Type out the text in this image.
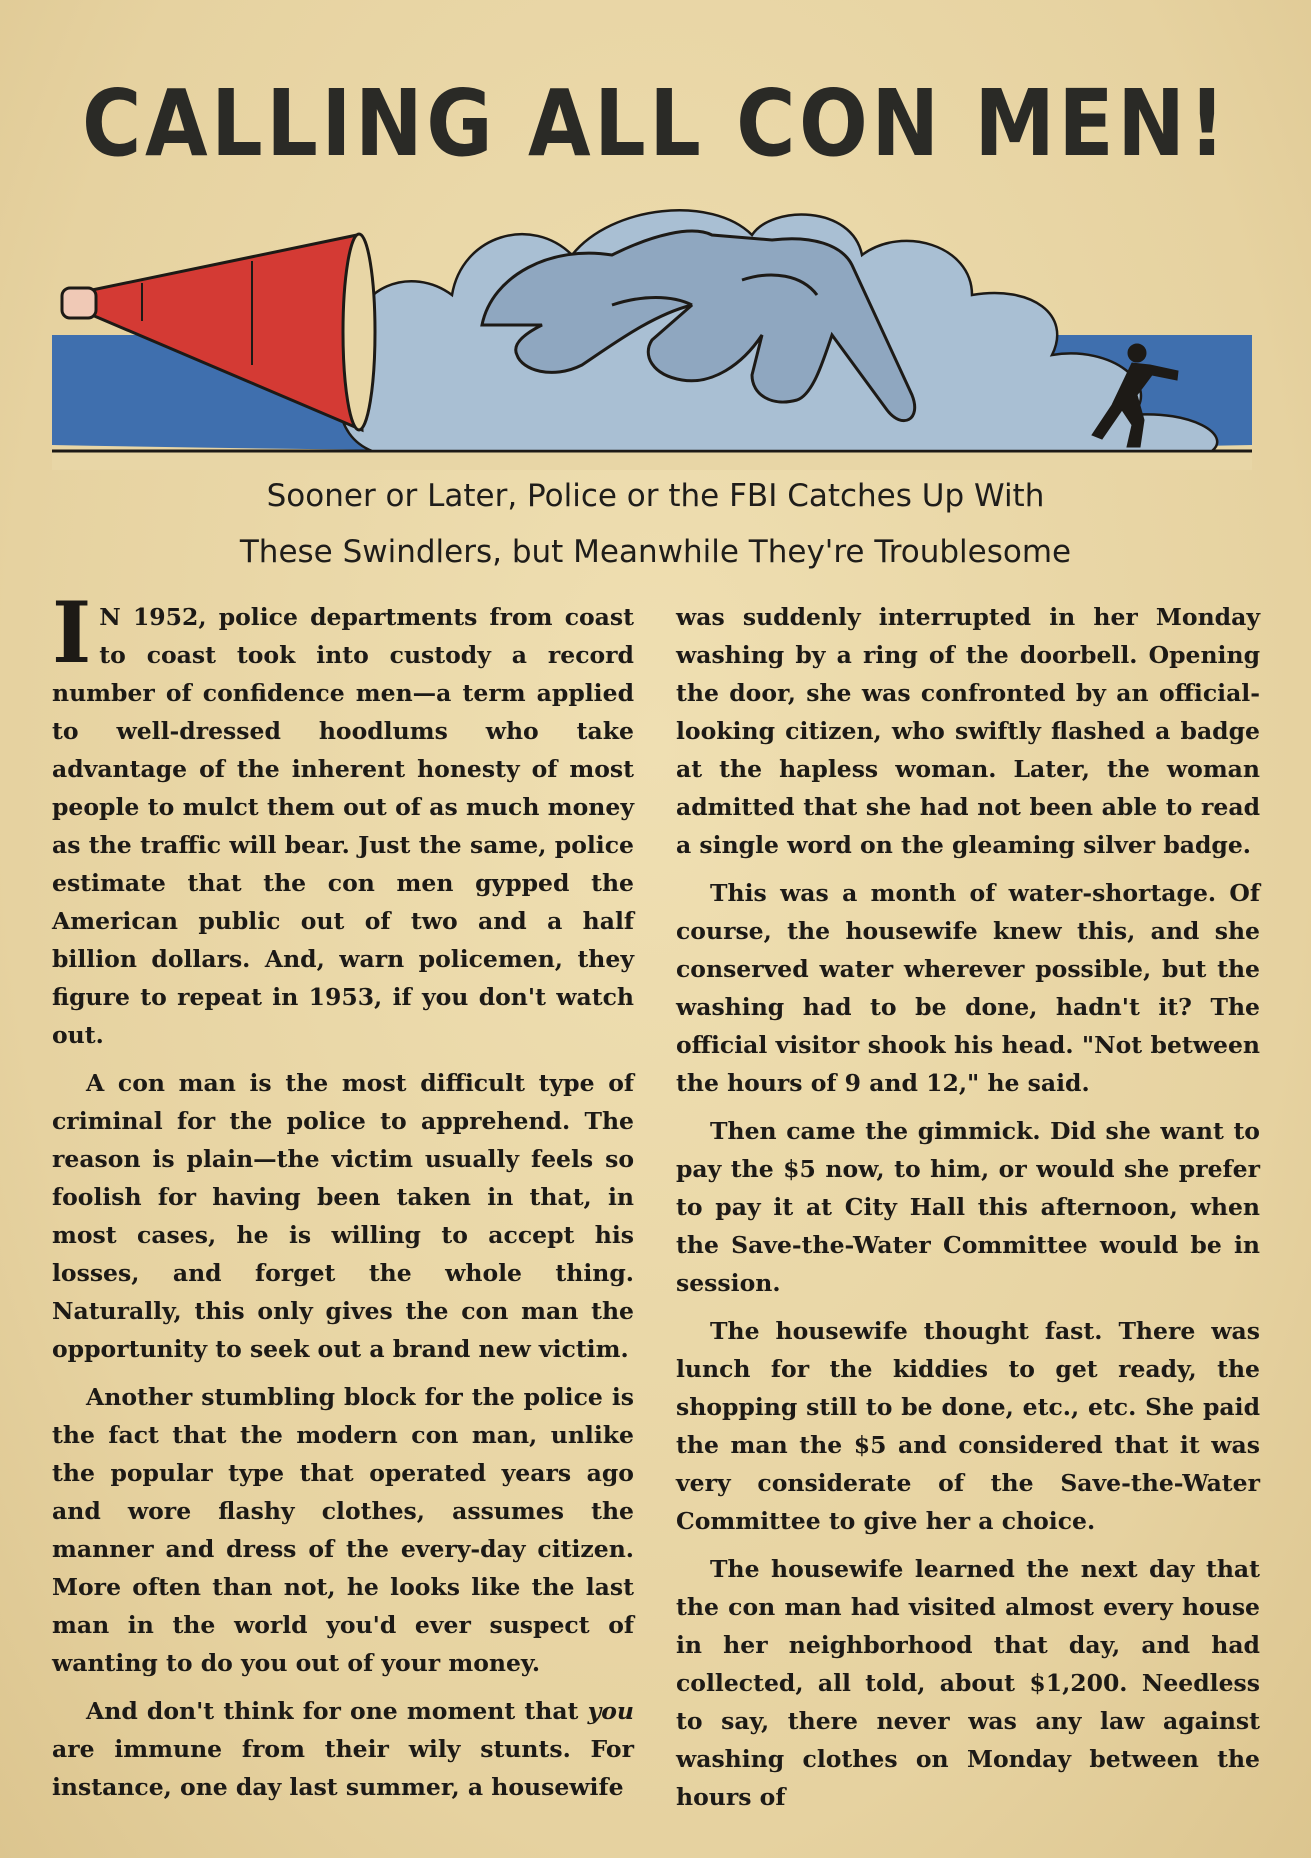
CALLING ALL CON MEN!
Sooner or Later, Police or the FBI Catches Up With
These Swindlers, but Meanwhile They're Troublesome

I N 1952, police departments from coast to coast took into custody a record number of confidence men—a term applied to well-dressed hoodlums who take advantage of the inherent honesty of most people to mulct them out of as much money as the traffic will bear. Just the same, police estimate that the con men gypped the American public out of two and a half billion dollars. And, warn policemen, they figure to repeat in 1953, if you don't watch out.

A con man is the most difficult type of criminal for the police to apprehend. The reason is plain—the victim usually feels so foolish for having been taken in that, in most cases, he is willing to accept his losses, and forget the whole thing. Naturally, this only gives the con man the opportunity to seek out a brand new victim.

Another stumbling block for the police is the fact that the modern con man, unlike the popular type that operated years ago and wore flashy clothes, assumes the manner and dress of the every-day citizen. More often than not, he looks like the last man in the world you'd ever suspect of wanting to do you out of your money.

And don't think for one moment that you are immune from their wily stunts. For instance, one day last summer, a housewife

was suddenly interrupted in her Monday washing by a ring of the doorbell. Opening the door, she was confronted by an official-looking citizen, who swiftly flashed a badge at the hapless woman. Later, the woman admitted that she had not been able to read a single word on the gleaming silver badge.

This was a month of water-shortage. Of course, the housewife knew this, and she conserved water wherever possible, but the washing had to be done, hadn't it? The official visitor shook his head. "Not between the hours of 9 and 12," he said.

Then came the gimmick. Did she want to pay the $5 now, to him, or would she prefer to pay it at City Hall this afternoon, when the Save-the-Water Committee would be in session.

The housewife thought fast. There was lunch for the kiddies to get ready, the shopping still to be done, etc., etc. She paid the man the $5 and considered that it was very considerate of the Save-the-Water Committee to give her a choice.

The housewife learned the next day that the con man had visited almost every house in her neighborhood that day, and had collected, all told, about $1,200. Needless to say, there never was any law against washing clothes on Monday between the hours of
